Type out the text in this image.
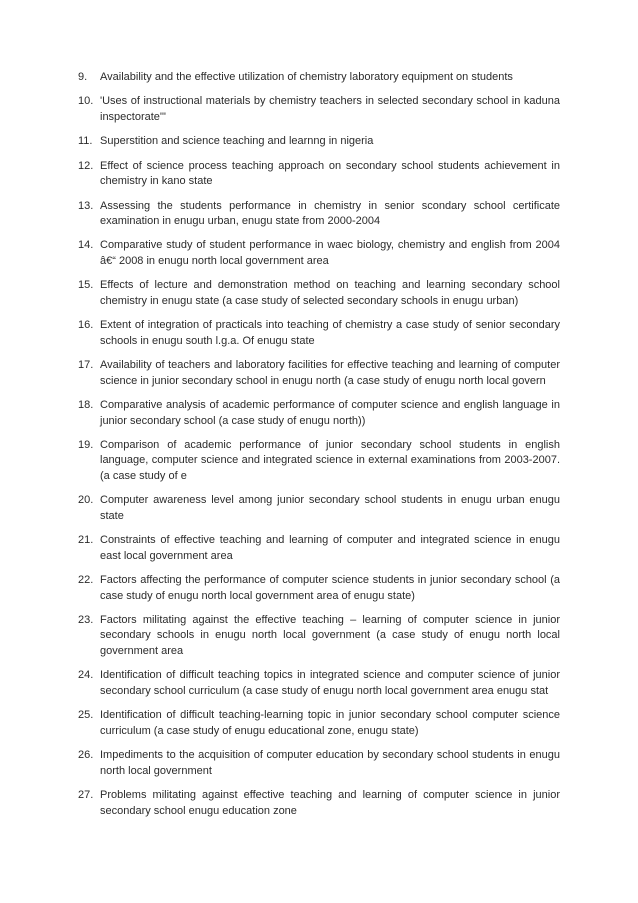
9.	Availability and the effective utilization of chemistry laboratory equipment on students
10. 'Uses of instructional materials by chemistry teachers in selected secondary school in kaduna inspectorate'"
11. Superstition and science teaching and learnng in nigeria
12. Effect of science process teaching approach on secondary school students achievement in chemistry in kano state
13. Assessing the students performance in chemistry in senior scondary school certificate examination in enugu urban, enugu state from 2000-2004
14. Comparative study of student performance in waec biology, chemistry and english from 2004 â€“ 2008 in enugu north local government area
15. Effects of lecture and demonstration method on teaching and learning secondary school chemistry in enugu state (a case study of selected secondary schools in enugu urban)
16. Extent of integration of practicals into teaching of chemistry a case study of senior secondary schools in enugu south l.g.a. Of enugu state
17. Availability of teachers and laboratory facilities for effective teaching and learning of computer science in junior secondary school in enugu north (a case study of enugu north local govern
18. Comparative analysis of academic performance of computer science and english language in junior secondary school (a case study of enugu north))
19. Comparison of academic performance of junior secondary school students in english language, computer science and integrated science in external examinations from 2003-2007. (a case study of e
20. Computer awareness level among junior secondary school students in enugu urban enugu state
21. Constraints of effective teaching and learning of computer and integrated science in enugu east local government area
22. Factors affecting the performance of computer science students in junior secondary school (a case study of enugu north local government area of enugu state)
23. Factors militating against the effective teaching – learning of computer science in junior secondary schools in enugu north local government (a case study of enugu north local government area
24. Identification of difficult teaching topics in integrated science and computer science of junior secondary school curriculum (a case study of enugu north local government area enugu stat
25. Identification of difficult teaching-learning topic in junior secondary school computer science curriculum (a case study of enugu educational zone, enugu state)
26. Impediments to the acquisition of computer education by secondary school students in enugu north local government
27. Problems militating against effective teaching and learning of computer science in junior secondary school enugu education zone
